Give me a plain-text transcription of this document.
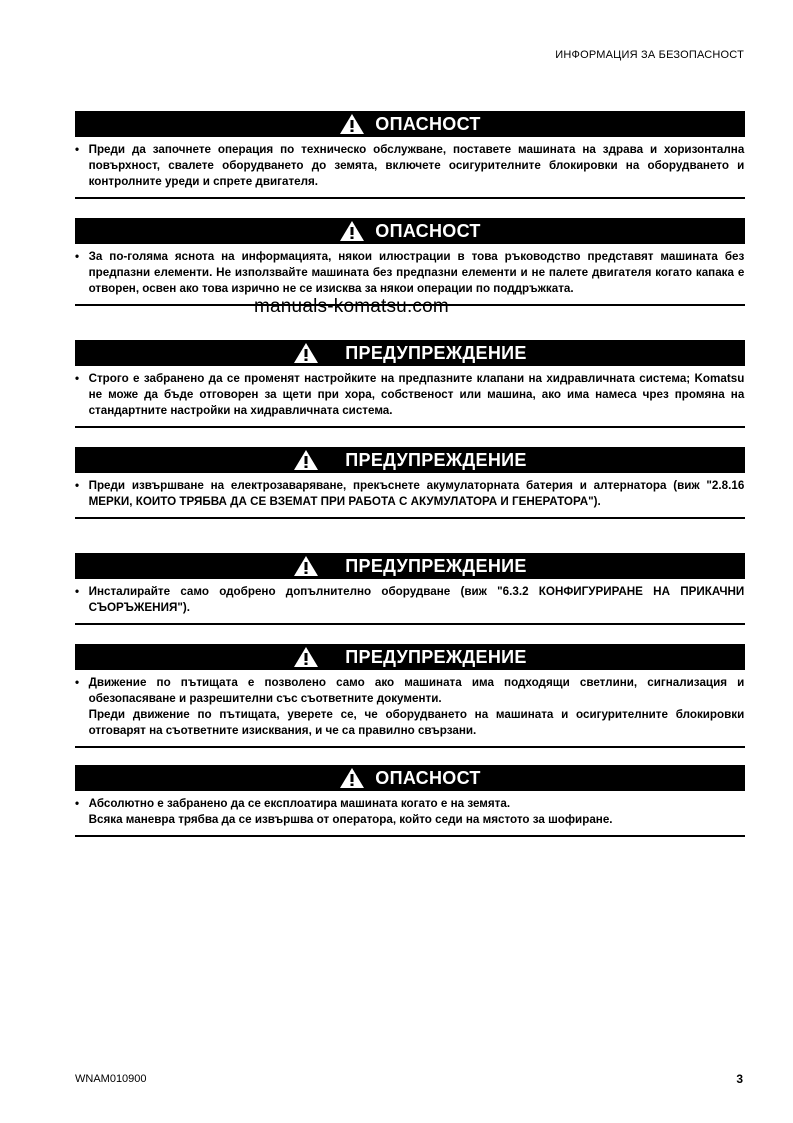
ИНФОРМАЦИЯ ЗА БЕЗОПАСНОСТ
ОПАСНОСТ

• Преди да започнете операция по техническо обслужване, поставете машината на здрава и хоризонтална повърхност, свалете оборудването до земята, включете осигурителните блокировки на оборудването и контролните уреди и спрете двигателя.

ОПАСНОСТ

• За по-голяма яснота на информацията, някои илюстрации в това ръководство представят машината без предпазни елементи. Не използвайте машината без предпазни елементи и не палете двигателя когато капака е отворен, освен ако това изрично не се изисква за някои операции по поддръжката.

manuals-komatsu.com
ПРЕДУПРЕЖДЕНИЕ

• Строго е забранено да се променят настройките на предпазните клапани на хидравличната система; Komatsu не може да бъде отговорен за щети при хора, собственост или машина, ако има намеса чрез промяна на стандартните настройки на хидравличната система.

ПРЕДУПРЕЖДЕНИЕ

• Преди извършване на електрозаваряване, прекъснете акумулаторната батерия и алтернатора (виж "2.8.16 МЕРКИ, КОИТО ТРЯБВА ДА СЕ ВЗЕМАТ ПРИ РАБОТА С АКУМУЛАТОРА И ГЕНЕРАТОРА").

ПРЕДУПРЕЖДЕНИЕ

• Инсталирайте само одобрено допълнително оборудване (виж "6.3.2 КОНФИГУРИРАНЕ НА ПРИКАЧНИ СЪОРЪЖЕНИЯ").

ПРЕДУПРЕЖДЕНИЕ

• Движение по пътищата е позволено само ако машината има подходящи светлини, сигнализация и обезопасяване и разрешителни със съответните документи.

Преди движение по пътищата, уверете се, че оборудването на машината и осигурителните блокировки отговарят на съответните изисквания, и че са правилно свързани.

ОПАСНОСТ

• Абсолютно е забранено да се експлоатира машината когато е на земята.

Всяка маневра трябва да се извършва от оператора, който седи на мястото за шофиране.

WNAM010900	3
